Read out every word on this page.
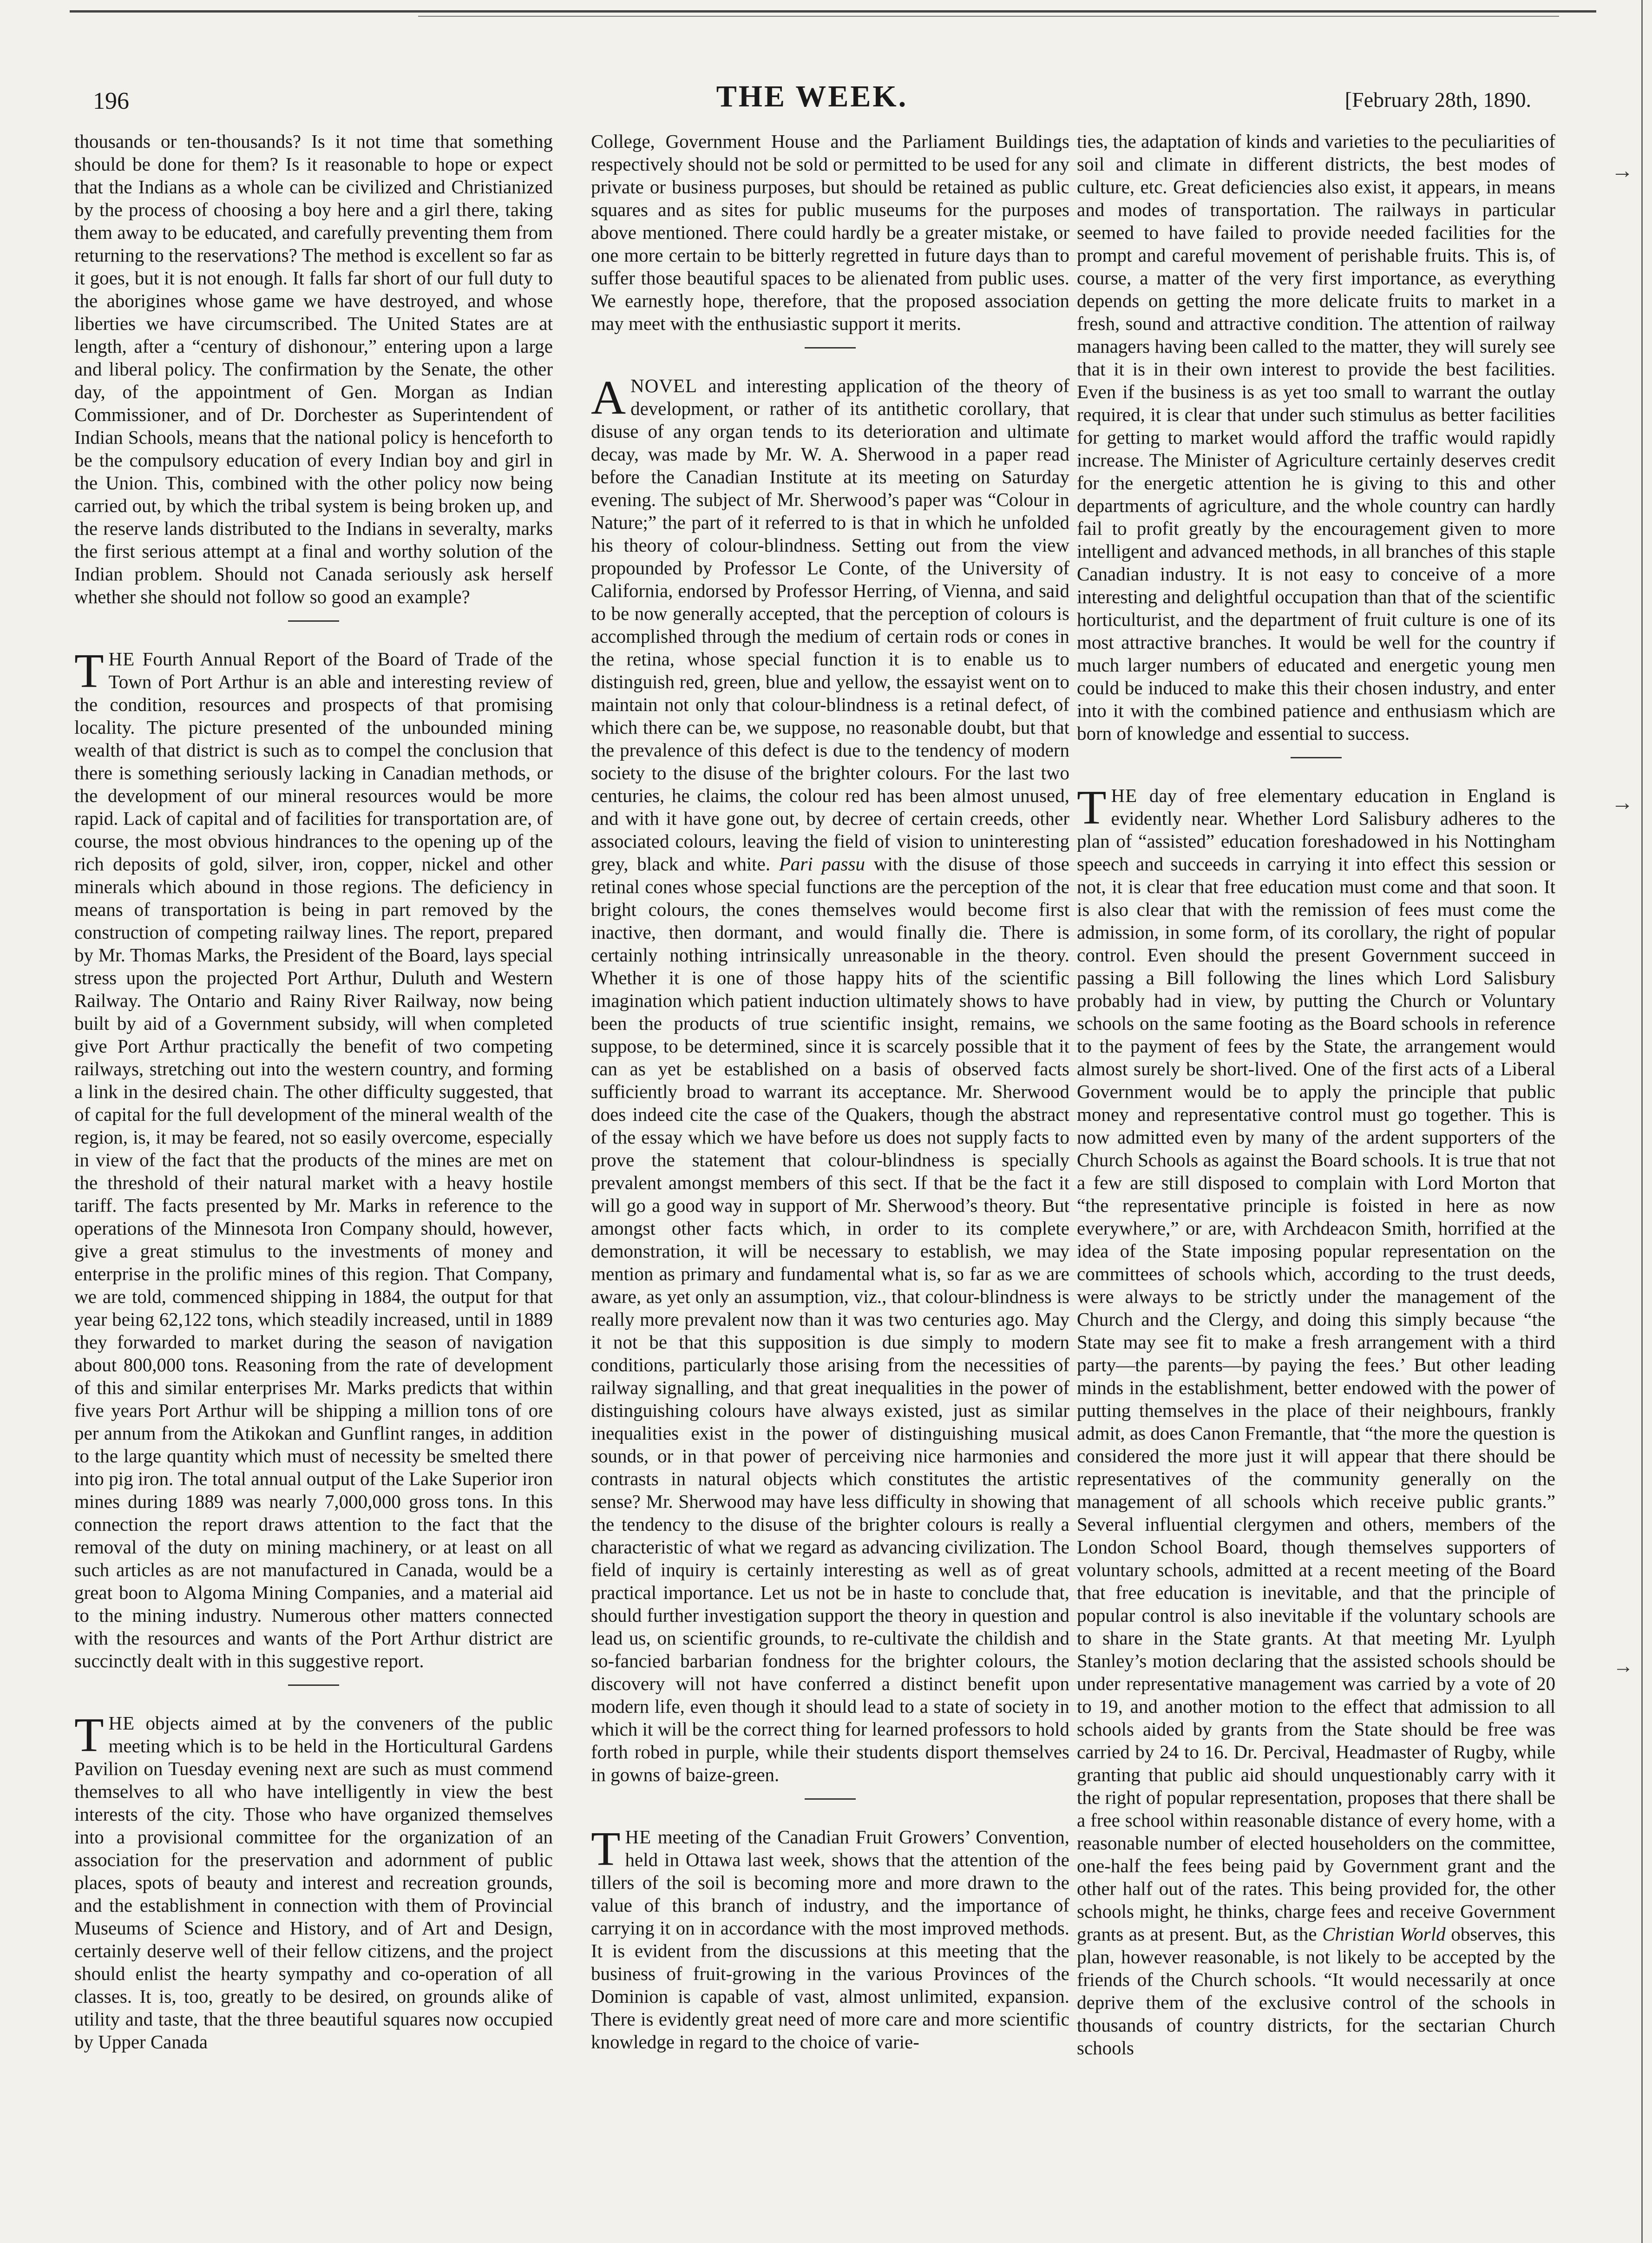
→
→
→
196	THE WEEK.	[February 28th, 1890.

thousands or ten-thousands? Is it not time that something should be done for them? Is it reasonable to hope or expect that the Indians as a whole can be civilized and Christianized by the process of choosing a boy here and a girl there, taking them away to be educated, and carefully preventing them from returning to the reservations? The method is excellent so far as it goes, but it is not enough. It falls far short of our full duty to the aborigines whose game we have destroyed, and whose liberties we have circumscribed. The United States are at length, after a “century of dishonour,” entering upon a large and liberal policy. The confirmation by the Senate, the other day, of the appointment of Gen. Morgan as Indian Commissioner, and of Dr. Dorchester as Superintendent of Indian Schools, means that the national policy is henceforth to be the compulsory education of every Indian boy and girl in the Union. This, combined with the other policy now being carried out, by which the tribal system is being broken up, and the reserve lands distributed to the Indians in severalty, marks the first serious attempt at a final and worthy solution of the Indian problem. Should not Canada seriously ask herself whether she should not follow so good an example?

THE Fourth Annual Report of the Board of Trade of the Town of Port Arthur is an able and interesting review of the condition, resources and prospects of that promising locality. The picture presented of the unbounded mining wealth of that district is such as to compel the conclusion that there is something seriously lacking in Canadian methods, or the development of our mineral resources would be more rapid. Lack of capital and of facilities for transportation are, of course, the most obvious hindrances to the opening up of the rich deposits of gold, silver, iron, copper, nickel and other minerals which abound in those regions. The deficiency in means of transportation is being in part removed by the construction of competing railway lines. The report, prepared by Mr. Thomas Marks, the President of the Board, lays special stress upon the projected Port Arthur, Duluth and Western Railway. The Ontario and Rainy River Railway, now being built by aid of a Government subsidy, will when completed give Port Arthur practically the benefit of two competing railways, stretching out into the western country, and forming a link in the desired chain. The other difficulty suggested, that of capital for the full development of the mineral wealth of the region, is, it may be feared, not so easily overcome, especially in view of the fact that the products of the mines are met on the threshold of their natural market with a heavy hostile tariff. The facts presented by Mr. Marks in reference to the operations of the Minnesota Iron Company should, however, give a great stimulus to the investments of money and enterprise in the prolific mines of this region. That Company, we are told, commenced shipping in 1884, the output for that year being 62,122 tons, which steadily increased, until in 1889 they forwarded to market during the season of navigation about 800,000 tons. Reasoning from the rate of development of this and similar enterprises Mr. Marks predicts that within five years Port Arthur will be shipping a million tons of ore per annum from the Atikokan and Gunflint ranges, in addition to the large quantity which must of necessity be smelted there into pig iron. The total annual output of the Lake Superior iron mines during 1889 was nearly 7,000,000 gross tons. In this connection the report draws attention to the fact that the removal of the duty on mining machinery, or at least on all such articles as are not manufactured in Canada, would be a great boon to Algoma Mining Companies, and a material aid to the mining industry. Numerous other matters connected with the resources and wants of the Port Arthur district are succinctly dealt with in this suggestive report.

THE objects aimed at by the conveners of the public meeting which is to be held in the Horticultural Gardens Pavilion on Tuesday evening next are such as must commend themselves to all who have intelligently in view the best interests of the city. Those who have organized themselves into a provisional committee for the organization of an association for the preservation and adornment of public places, spots of beauty and interest and recreation grounds, and the establishment in connection with them of Provincial Museums of Science and History, and of Art and Design, certainly deserve well of their fellow citizens, and the project should enlist the hearty sympathy and co-operation of all classes. It is, too, greatly to be desired, on grounds alike of utility and taste, that the three beautiful squares now occupied by Upper Canada

College, Government House and the Parliament Buildings respectively should not be sold or permitted to be used for any private or business purposes, but should be retained as public squares and as sites for public museums for the purposes above mentioned. There could hardly be a greater mistake, or one more certain to be bitterly regretted in future days than to suffer those beautiful spaces to be alienated from public uses. We earnestly hope, therefore, that the proposed association may meet with the enthusiastic support it merits.

ANOVEL and interesting application of the theory of development, or rather of its antithetic corollary, that disuse of any organ tends to its deterioration and ultimate decay, was made by Mr. W. A. Sherwood in a paper read before the Canadian Institute at its meeting on Saturday evening. The subject of Mr. Sherwood’s paper was “Colour in Nature;” the part of it referred to is that in which he unfolded his theory of colour-blindness. Setting out from the view propounded by Professor Le Conte, of the University of California, endorsed by Professor Herring, of Vienna, and said to be now generally accepted, that the perception of colours is accomplished through the medium of certain rods or cones in the retina, whose special function it is to enable us to distinguish red, green, blue and yellow, the essayist went on to maintain not only that colour-blindness is a retinal defect, of which there can be, we suppose, no reasonable doubt, but that the prevalence of this defect is due to the tendency of modern society to the disuse of the brighter colours. For the last two centuries, he claims, the colour red has been almost unused, and with it have gone out, by decree of certain creeds, other associated colours, leaving the field of vision to uninteresting grey, black and white. Pari passu with the disuse of those retinal cones whose special functions are the perception of the bright colours, the cones themselves would become first inactive, then dormant, and would finally die. There is certainly nothing intrinsically unreasonable in the theory. Whether it is one of those happy hits of the scientific imagination which patient induction ultimately shows to have been the products of true scientific insight, remains, we suppose, to be determined, since it is scarcely possible that it can as yet be established on a basis of observed facts sufficiently broad to warrant its acceptance. Mr. Sherwood does indeed cite the case of the Quakers, though the abstract of the essay which we have before us does not supply facts to prove the statement that colour-blindness is specially prevalent amongst members of this sect. If that be the fact it will go a good way in support of Mr. Sherwood’s theory. But amongst other facts which, in order to its complete demonstration, it will be necessary to establish, we may mention as primary and fundamental what is, so far as we are aware, as yet only an assumption, viz., that colour-blindness is really more prevalent now than it was two centuries ago. May it not be that this supposition is due simply to modern conditions, particularly those arising from the necessities of railway signalling, and that great inequalities in the power of distinguishing colours have always existed, just as similar inequalities exist in the power of distinguishing musical sounds, or in that power of perceiving nice harmonies and contrasts in natural objects which constitutes the artistic sense? Mr. Sherwood may have less difficulty in showing that the tendency to the disuse of the brighter colours is really a characteristic of what we regard as advancing civilization. The field of inquiry is certainly interesting as well as of great practical importance. Let us not be in haste to conclude that, should further investigation support the theory in question and lead us, on scientific grounds, to re-cultivate the childish and so-fancied barbarian fondness for the brighter colours, the discovery will not have conferred a distinct benefit upon modern life, even though it should lead to a state of society in which it will be the correct thing for learned professors to hold forth robed in purple, while their students disport themselves in gowns of baize-green.

THE meeting of the Canadian Fruit Growers’ Convention, held in Ottawa last week, shows that the attention of the tillers of the soil is becoming more and more drawn to the value of this branch of industry, and the importance of carrying it on in accordance with the most improved methods. It is evident from the discussions at this meeting that the business of fruit-growing in the various Provinces of the Dominion is capable of vast, almost unlimited, expansion. There is evidently great need of more care and more scientific knowledge in regard to the choice of varie-

ties, the adaptation of kinds and varieties to the peculiarities of soil and climate in different districts, the best modes of culture, etc. Great deficiencies also exist, it appears, in means and modes of transportation. The railways in particular seemed to have failed to provide needed facilities for the prompt and careful movement of perishable fruits. This is, of course, a matter of the very first importance, as everything depends on getting the more delicate fruits to market in a fresh, sound and attractive condition. The attention of railway managers having been called to the matter, they will surely see that it is in their own interest to provide the best facilities. Even if the business is as yet too small to warrant the outlay required, it is clear that under such stimulus as better facilities for getting to market would afford the traffic would rapidly increase. The Minister of Agriculture certainly deserves credit for the energetic attention he is giving to this and other departments of agriculture, and the whole country can hardly fail to profit greatly by the encouragement given to more intelligent and advanced methods, in all branches of this staple Canadian industry. It is not easy to conceive of a more interesting and delightful occupation than that of the scientific horticulturist, and the department of fruit culture is one of its most attractive branches. It would be well for the country if much larger numbers of educated and energetic young men could be induced to make this their chosen industry, and enter into it with the combined patience and enthusiasm which are born of knowledge and essential to success.

THE day of free elementary education in England is evidently near. Whether Lord Salisbury adheres to the plan of “assisted” education foreshadowed in his Nottingham speech and succeeds in carrying it into effect this session or not, it is clear that free education must come and that soon. It is also clear that with the remission of fees must come the admission, in some form, of its corollary, the right of popular control. Even should the present Government succeed in passing a Bill following the lines which Lord Salisbury probably had in view, by putting the Church or Voluntary schools on the same footing as the Board schools in reference to the payment of fees by the State, the arrangement would almost surely be short-lived. One of the first acts of a Liberal Government would be to apply the principle that public money and representative control must go together. This is now admitted even by many of the ardent supporters of the Church Schools as against the Board schools. It is true that not a few are still disposed to complain with Lord Morton that “the representative principle is foisted in here as now everywhere,” or are, with Archdeacon Smith, horrified at the idea of the State imposing popular representation on the committees of schools which, according to the trust deeds, were always to be strictly under the management of the Church and the Clergy, and doing this simply because “the State may see fit to make a fresh arrangement with a third party—the parents—by paying the fees.’ But other leading minds in the establishment, better endowed with the power of putting themselves in the place of their neighbours, frankly admit, as does Canon Fremantle, that “the more the question is considered the more just it will appear that there should be representatives of the community generally on the management of all schools which receive public grants.” Several influential clergymen and others, members of the London School Board, though themselves supporters of voluntary schools, admitted at a recent meeting of the Board that free education is inevitable, and that the principle of popular control is also inevitable if the voluntary schools are to share in the State grants. At that meeting Mr. Lyulph Stanley’s motion declaring that the assisted schools should be under representative management was carried by a vote of 20 to 19, and another motion to the effect that admission to all schools aided by grants from the State should be free was carried by 24 to 16. Dr. Percival, Headmaster of Rugby, while granting that public aid should unquestionably carry with it the right of popular representation, proposes that there shall be a free school within reasonable distance of every home, with a reasonable number of elected householders on the committee, one-half the fees being paid by Government grant and the other half out of the rates. This being provided for, the other schools might, he thinks, charge fees and receive Government grants as at present. But, as the Christian World observes, this plan, however reasonable, is not likely to be accepted by the friends of the Church schools. “It would necessarily at once deprive them of the exclusive control of the schools in thousands of country districts, for the sectarian Church schools
